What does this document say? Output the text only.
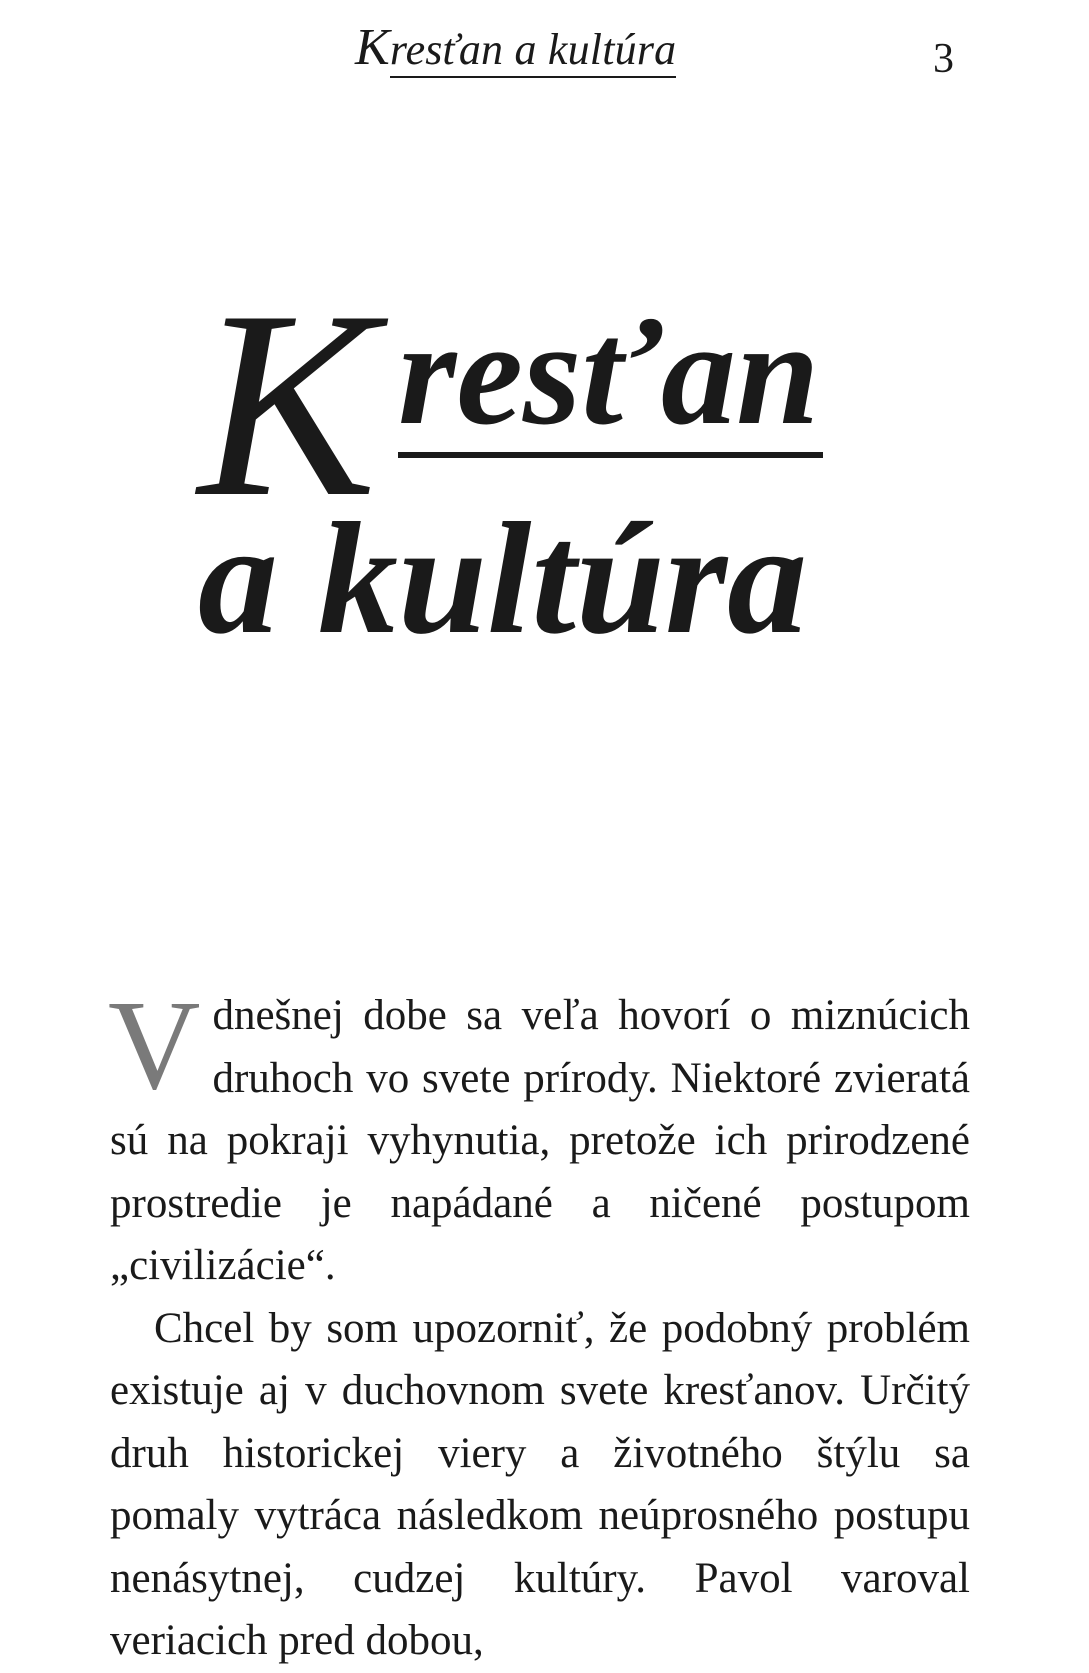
Kresťan a kultúra	3
K resťan
a kultúra

Vdnešnej dobe sa veľa hovorí o miznúcich druhoch vo svete prírody. Niektoré zvieratá sú na pokraji vyhynutia, pretože ich prirodzené prostredie je napádané a ničené postupom „civilizácie“.

Chcel by som upozorniť, že podobný problém existuje aj v duchovnom svete kresťanov. Určitý druh historickej viery a životného štýlu sa pomaly vytráca následkom neúprosného postupu nenásytnej, cudzej kultúry. Pavol varoval veriacich pred dobou,
